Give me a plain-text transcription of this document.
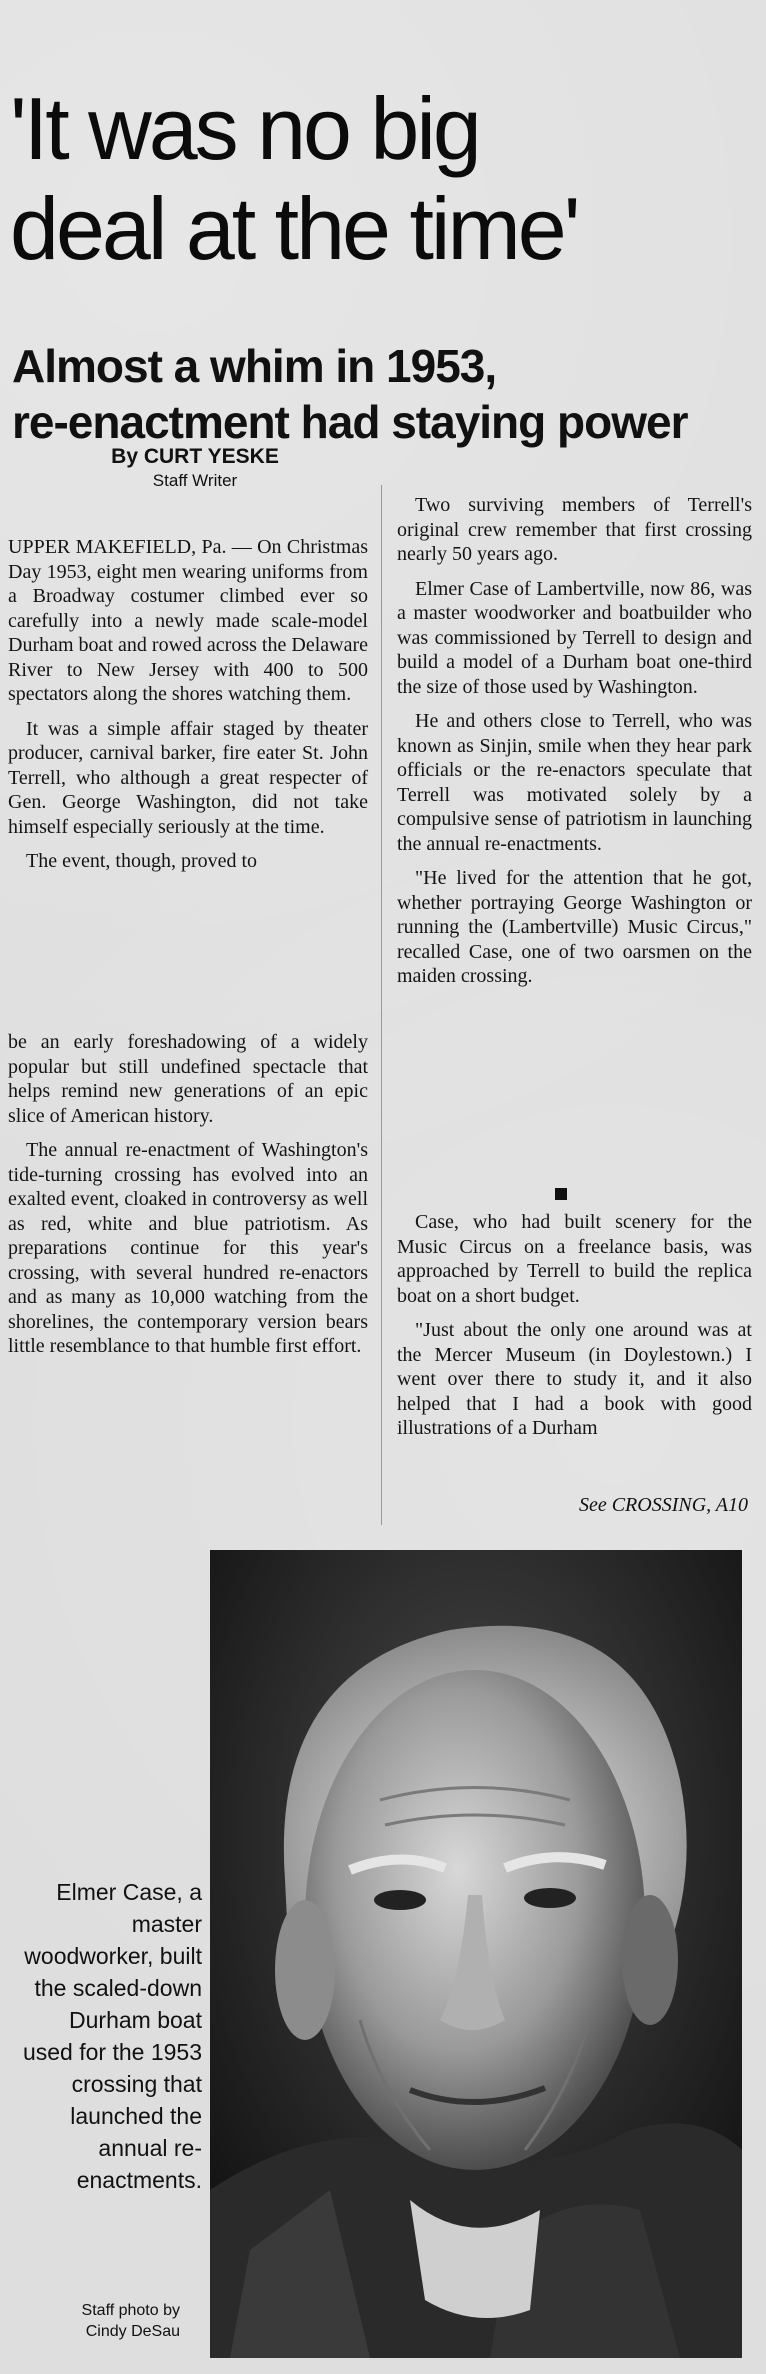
'It was no big
deal at the time'
Almost a whim in 1953,
re-enactment had staying power
By CURT YESKE
Staff Writer

UPPER MAKEFIELD, Pa. — On Christmas Day 1953, eight men wearing uniforms from a Broadway costumer climbed ever so carefully into a newly made scale-model Durham boat and rowed across the Delaware River to New Jersey with 400 to 500 spectators along the shores watching them.

It was a simple affair staged by theater producer, carnival barker, fire eater St. John Terrell, who although a great respecter of Gen. George Washington, did not take himself especially seriously at the time.

The event, though, proved to

be an early foreshadowing of a widely popular but still undefined spectacle that helps remind new generations of an epic slice of American history.

The annual re-enactment of Washington's tide-turning crossing has evolved into an exalted event, cloaked in controversy as well as red, white and blue patriotism. As preparations continue for this year's crossing, with several hundred re-enactors and as many as 10,000 watching from the shorelines, the contemporary version bears little resemblance to that humble first effort.

Two surviving members of Terrell's original crew remember that first crossing nearly 50 years ago.

Elmer Case of Lambertville, now 86, was a master woodworker and boatbuilder who was commissioned by Terrell to design and build a model of a Durham boat one-third the size of those used by Washington.

He and others close to Terrell, who was known as Sinjin, smile when they hear park officials or the re-enactors speculate that Terrell was motivated solely by a compulsive sense of patriotism in launching the annual re-enactments.

"He lived for the attention that he got, whether portraying George Washington or running the (Lambertville) Music Circus," recalled Case, one of two oarsmen on the maiden crossing.

Case, who had built scenery for the Music Circus on a freelance basis, was approached by Terrell to build the replica boat on a short budget.

"Just about the only one around was at the Mercer Museum (in Doylestown.) I went over there to study it, and it also helped that I had a book with good illustrations of a Durham

See CROSSING, A10
Elmer Case, a master woodworker, built the scaled-down Durham boat used for the 1953 crossing that launched the annual re-enactments.
Staff photo by Cindy DeSau
